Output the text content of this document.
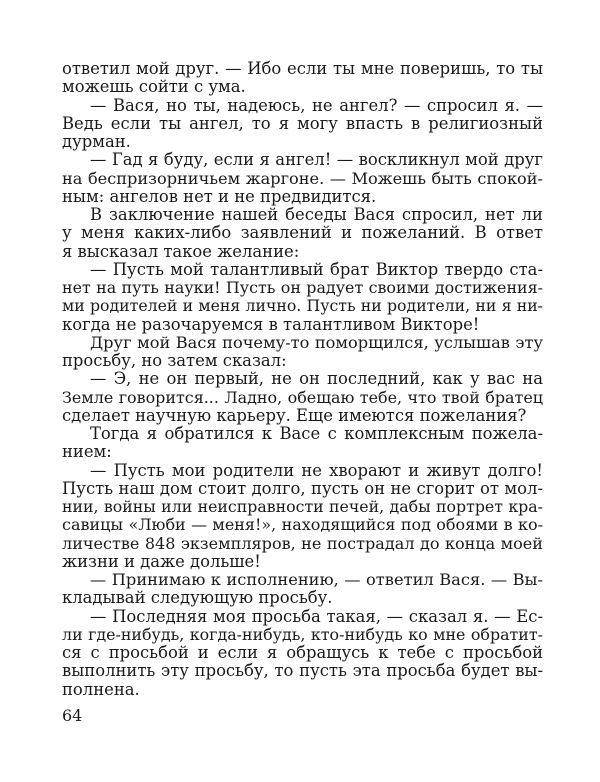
ответил мой друг. — Ибо если ты мне поверишь, то ты
можешь сойти с ума.
— Вася, но ты, надеюсь, не ангел? — спросил я. —
Ведь если ты ангел, то я могу впасть в религиозный
дурман.
— Гад я буду, если я ангел! — воскликнул мой друг
на беспризорничьем жаргоне. — Можешь быть спокой-
ным: ангелов нет и не предвидится.
В заключение нашей беседы Вася спросил, нет ли
у меня каких-либо заявлений и пожеланий. В ответ
я высказал такое желание:
— Пусть мой талантливый брат Виктор твердо ста-
нет на путь науки! Пусть он радует своими достижения-
ми родителей и меня лично. Пусть ни родители, ни я ни-
когда не разочаруемся в талантливом Викторе!
Друг мой Вася почему-то поморщился, услышав эту
просьбу, но затем сказал:
— Э, не он первый, не он последний, как у вас на
Земле говорится... Ладно, обещаю тебе, что твой братец
сделает научную карьеру. Еще имеются пожелания?
Тогда я обратился к Васе с комплексным пожела-
нием:
— Пусть мои родители не хворают и живут долго!
Пусть наш дом стоит долго, пусть он не сгорит от мол-
нии, войны или неисправности печей, дабы портрет кра-
савицы «Люби — меня!», находящийся под обоями в ко-
личестве 848 экземпляров, не пострадал до конца моей
жизни и даже дольше!
— Принимаю к исполнению, — ответил Вася. — Вы-
кладывай следующую просьбу.
— Последняя моя просьба такая, — сказал я. — Ес-
ли где-нибудь, когда-нибудь, кто-нибудь ко мне обратит-
ся с просьбой и если я обращусь к тебе с просьбой
выполнить эту просьбу, то пусть эта просьба будет вы-
полнена.
64
